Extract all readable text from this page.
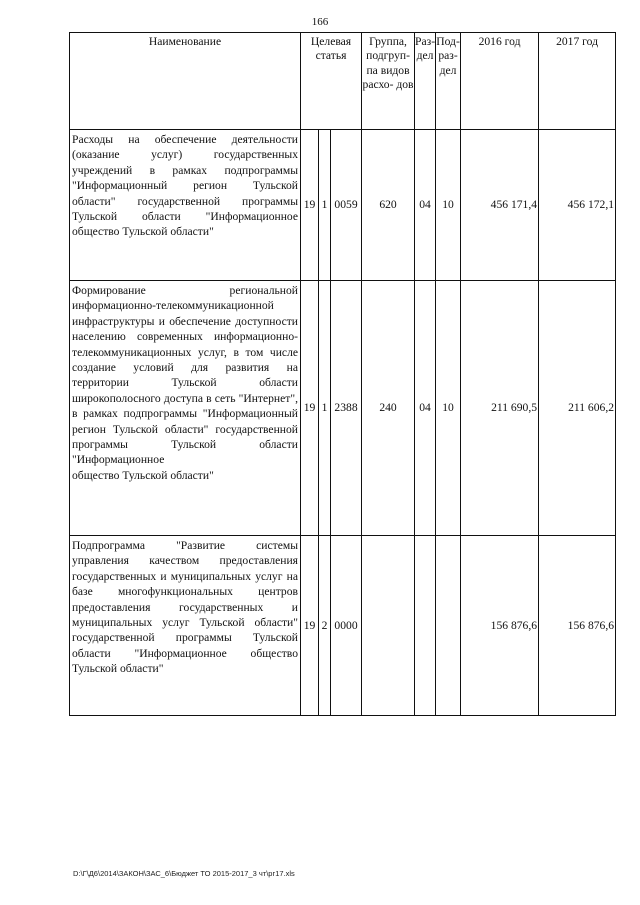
166
Наименование	Целевая статья			Группа, подгруп- па видов расхо- дов	Раз- дел	Под- раз- дел	2016 год	2017 год
Расходы на обеспечение деятельности (оказание услуг) государственных учреждений в рамках подпрограммы "Информационный регион Тульской области" государственной программы Тульской области "Информационное
общество Тульской области"	19	1	0059	620	04	10	456 171,4	456 172,1
Формирование региональной информационно-телекоммуникационной инфраструктуры и обеспечение доступности населению современных информационно-телекоммуникационных услуг, в том числе создание условий для развития на территории Тульской области широкополосного доступа в сеть "Интернет", в рамках подпрограммы "Информационный регион Тульской области" государственной программы Тульской области "Информационное
общество Тульской области"	19	1	2388	240	04	10	211 690,5	211 606,2
Подпрограмма "Развитие системы управления качеством предоставления государственных и муниципальных услуг на базе многофункциональных центров предоставления государственных и муниципальных услуг Тульской области" государственной программы Тульской области "Информационное общество
Тульской области"	19	2	0000				156 876,6	156 876,6
D:\Г\Д6\2014\ЗАКОН\ЗАС_6\Бюджет ТО 2015-2017_3 чт\рг17.xls
